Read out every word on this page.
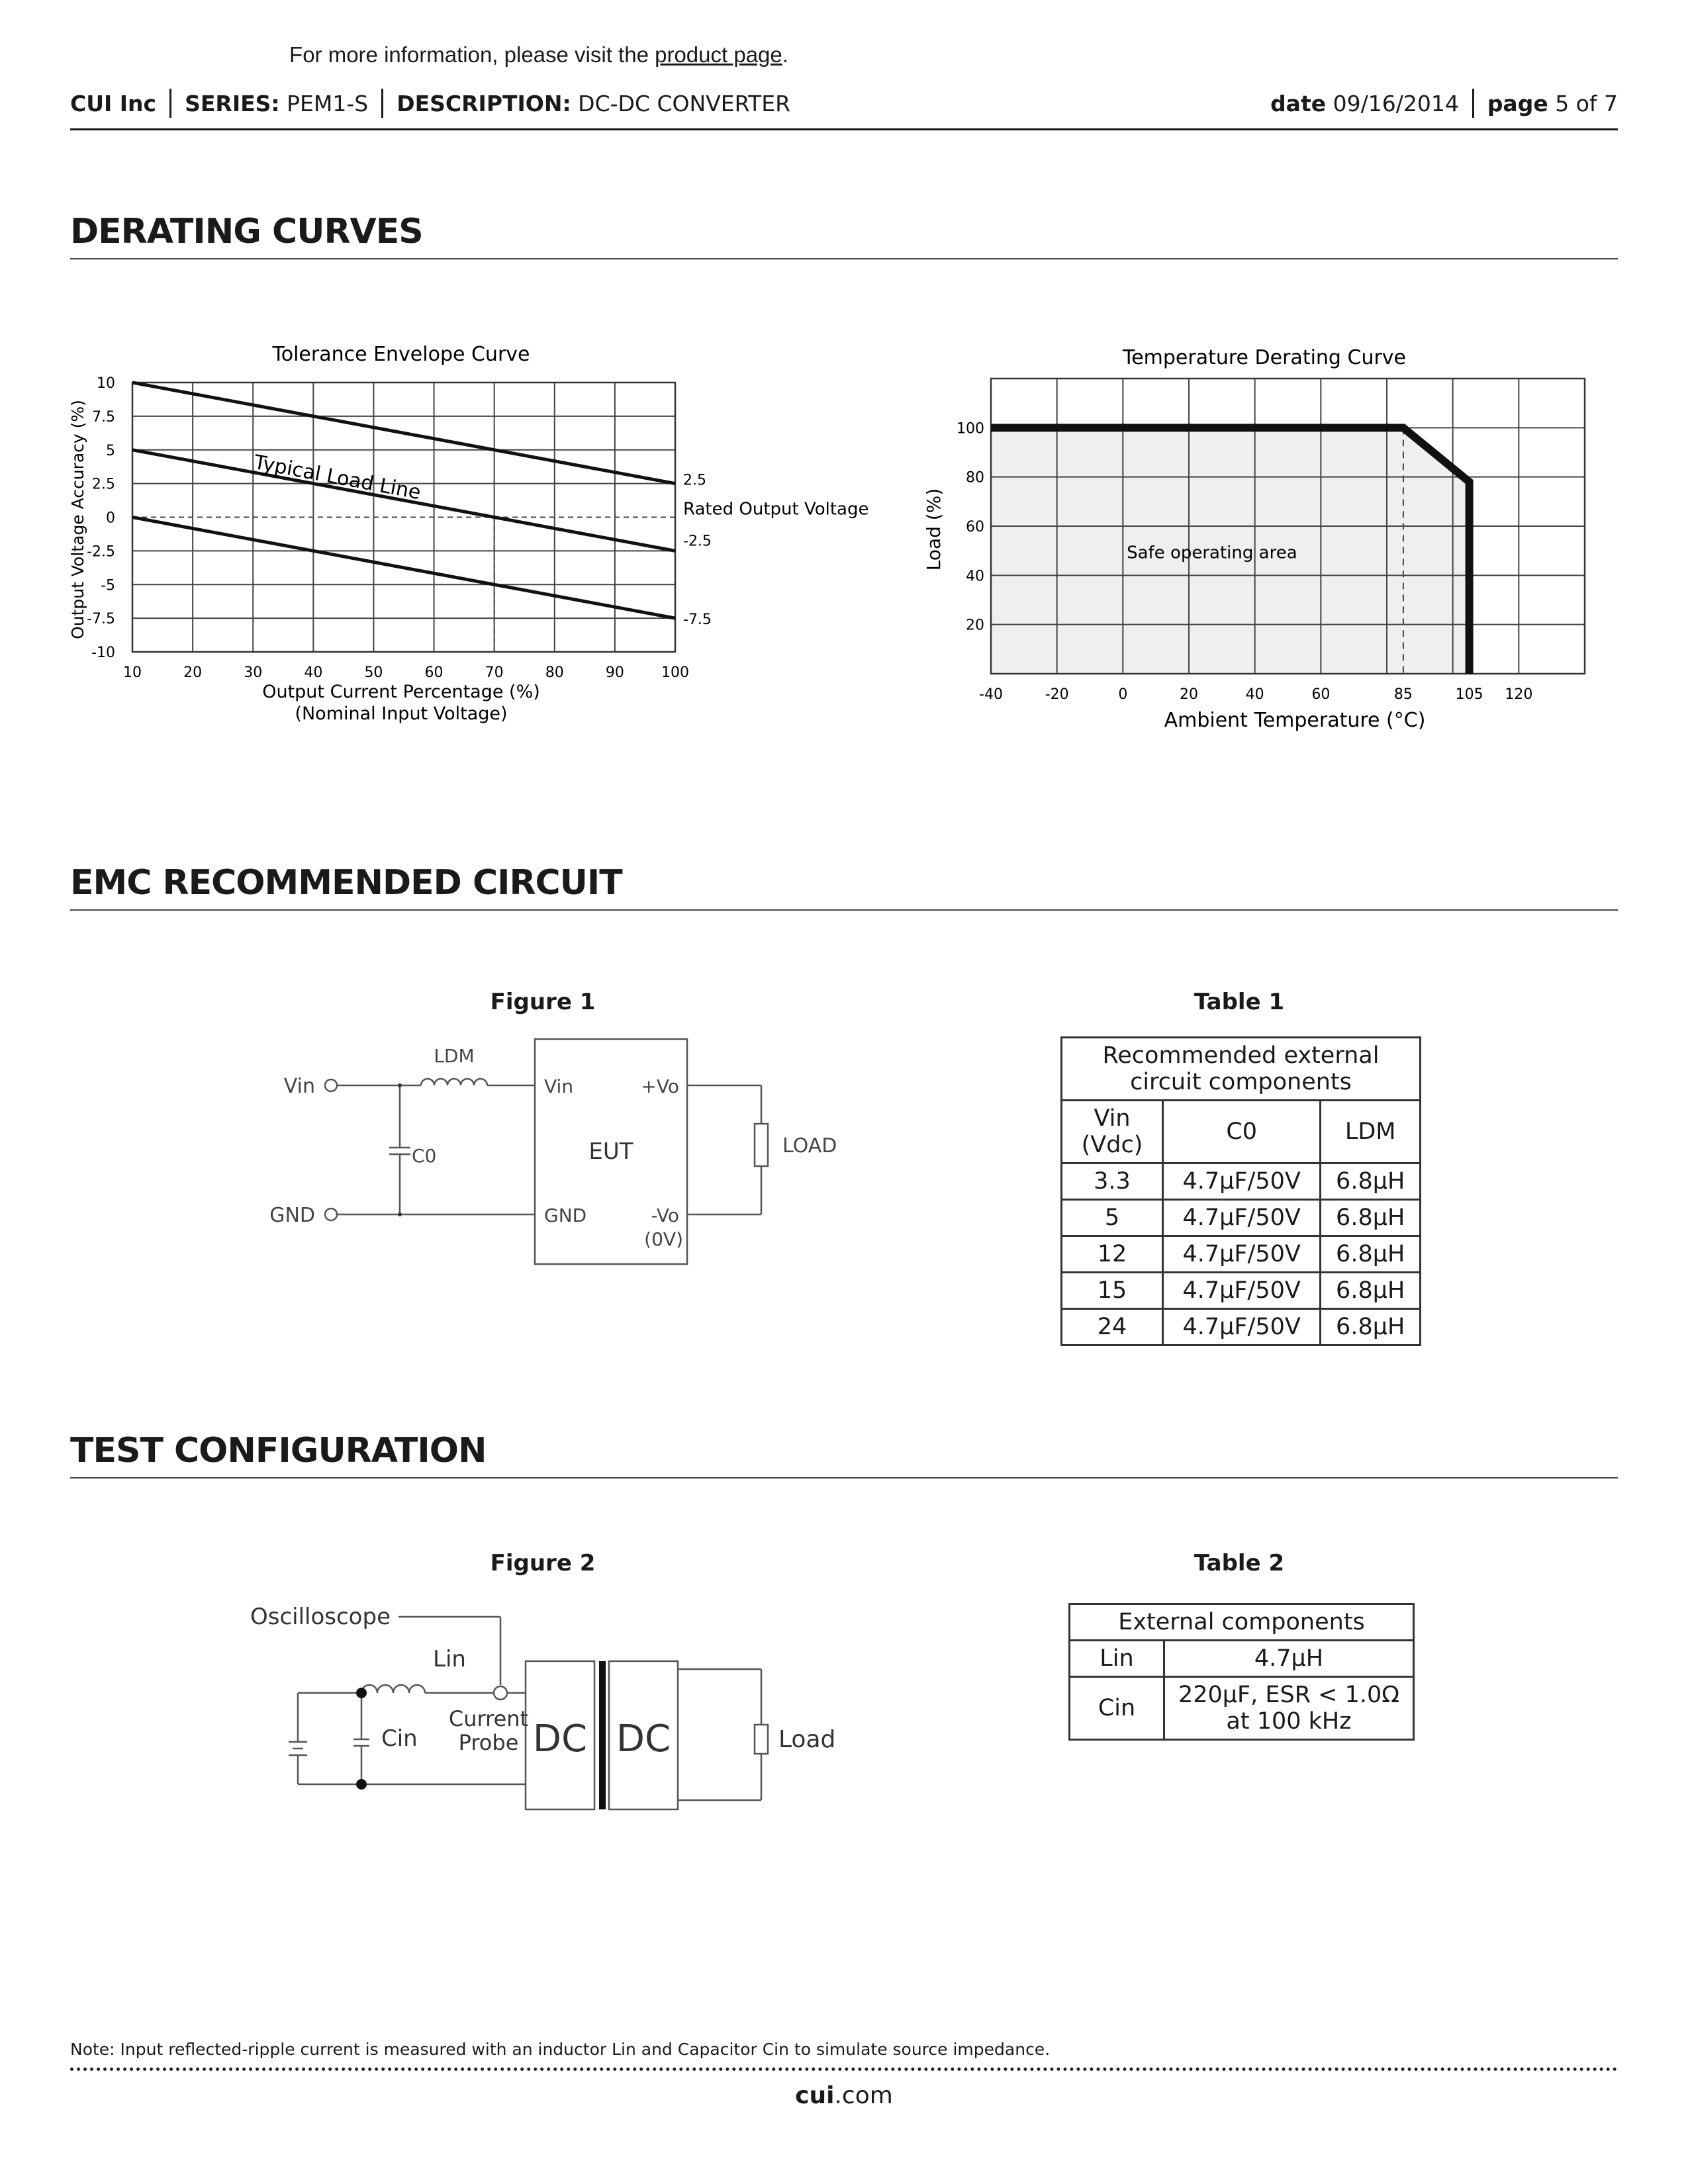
For more information, please visit the product page.
CUI Inc SERIES:
PEM1-S DESCRIPTION:
DC-DC CONVERTER	date
09/16/2014 page
5 of 7
DERATING CURVES
Tolerance Envelope Curve
10	20	30	40	50	60	70	80	90	100
10
7.5
5
2.5
0
-2.5
-5
-7.5
-10
Typical Load Line	2.5
Rated Output Voltage
-2.5
-7.5
Output Current Percentage (%)
(Nominal Input Voltage)
Output Voltage Accuracy (%)
Temperature Derating Curve
-40	-20	0	20	40	60	85	105 120
100
80
60
40
20
Safe operating area
Ambient Temperature (°C)
Load (%)
EMC RECOMMENDED CIRCUIT
Figure 1
Vin
GND
LDM
C0
Vin
GND
EUT
+Vo
-Vo
(0V)
LOAD
Table 1
Recommended external circuit components		
Vin (Vdc)	C0	LDM
3.3	4.7μF/50V	6.8μH
5	4.7μF/50V	6.8μH
12	4.7μF/50V	6.8μH
15	4.7μF/50V	6.8μH
24	4.7μF/50V	6.8μH
TEST CONFIGURATION
Figure 2
Oscilloscope
Lin
Cin
Current
Probe DC DC	Load
Table 2
External components	
Lin	4.7μH
Cin	220μF, ESR < 1.0Ω
at 100 kHz
Note: Input reflected-ripple current is measured with an inductor Lin and Capacitor Cin to simulate source impedance.
cui.com
